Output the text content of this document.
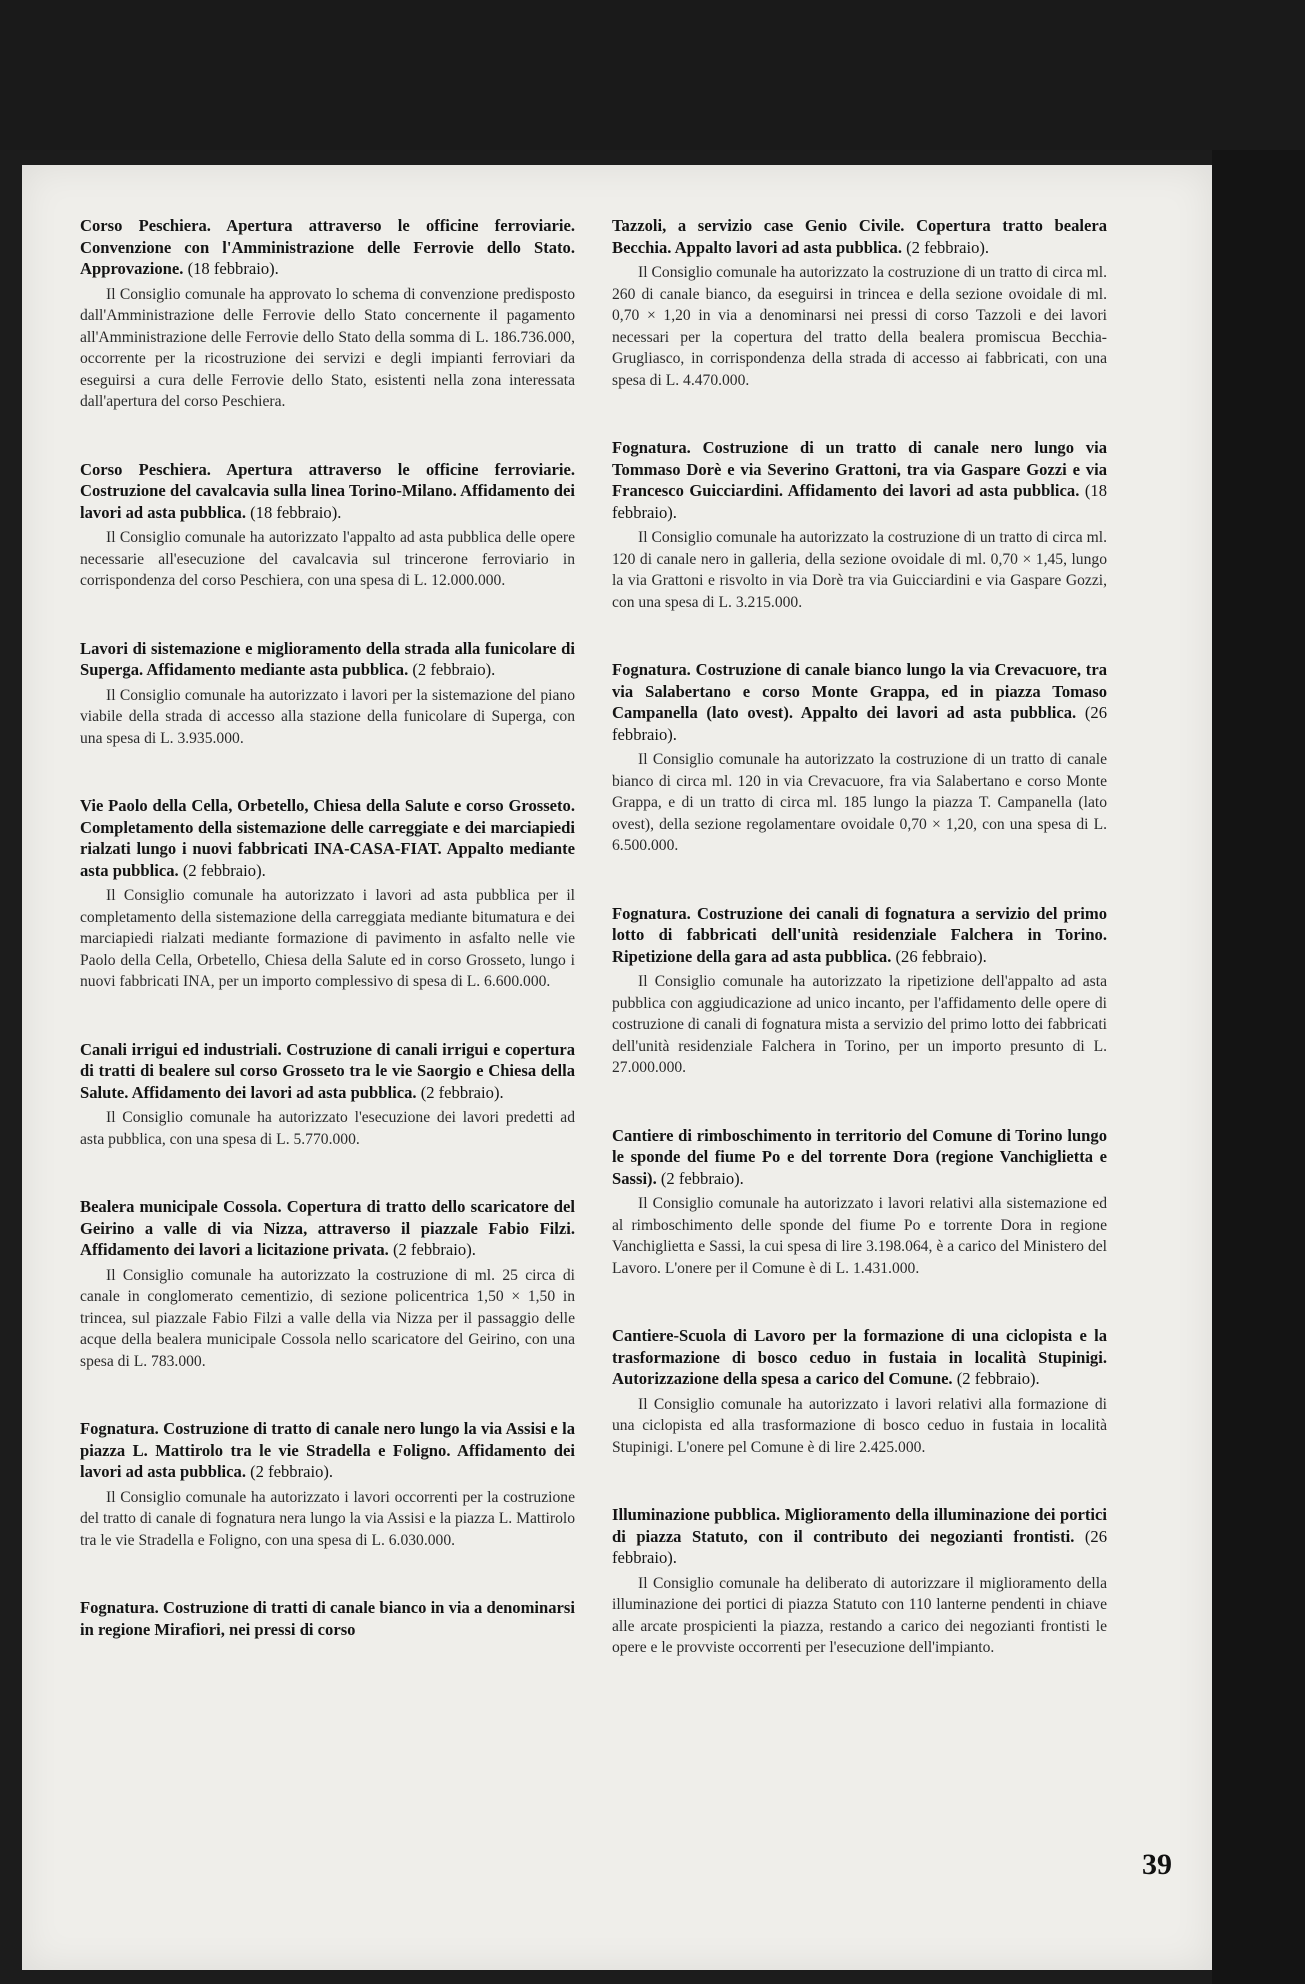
Corso Peschiera. Apertura attraverso le officine ferroviarie. Convenzione con l'Amministrazione delle Ferrovie dello Stato. Approvazione. (18 febbraio).

Il Consiglio comunale ha approvato lo schema di convenzione predisposto dall'Amministrazione delle Ferrovie dello Stato concernente il pagamento all'Amministrazione delle Ferrovie dello Stato della somma di L. 186.736.000, occorrente per la ricostruzione dei servizi e degli impianti ferroviari da eseguirsi a cura delle Ferrovie dello Stato, esistenti nella zona interessata dall'apertura del corso Peschiera.

Corso Peschiera. Apertura attraverso le officine ferroviarie. Costruzione del cavalcavia sulla linea Torino-Milano. Affidamento dei lavori ad asta pubblica. (18 febbraio).

Il Consiglio comunale ha autorizzato l'appalto ad asta pubblica delle opere necessarie all'esecuzione del cavalcavia sul trincerone ferroviario in corrispondenza del corso Peschiera, con una spesa di L. 12.000.000.

Lavori di sistemazione e miglioramento della strada alla funicolare di Superga. Affidamento mediante asta pubblica. (2 febbraio).

Il Consiglio comunale ha autorizzato i lavori per la sistemazione del piano viabile della strada di accesso alla stazione della funicolare di Superga, con una spesa di L. 3.935.000.

Vie Paolo della Cella, Orbetello, Chiesa della Salute e corso Grosseto. Completamento della sistemazione delle carreggiate e dei marciapiedi rialzati lungo i nuovi fabbricati INA-CASA-FIAT. Appalto mediante asta pubblica. (2 febbraio).

Il Consiglio comunale ha autorizzato i lavori ad asta pubblica per il completamento della sistemazione della carreggiata mediante bitumatura e dei marciapiedi rialzati mediante formazione di pavimento in asfalto nelle vie Paolo della Cella, Orbetello, Chiesa della Salute ed in corso Grosseto, lungo i nuovi fabbricati INA, per un importo complessivo di spesa di L. 6.600.000.

Canali irrigui ed industriali. Costruzione di canali irrigui e copertura di tratti di bealere sul corso Grosseto tra le vie Saorgio e Chiesa della Salute. Affidamento dei lavori ad asta pubblica. (2 febbraio).

Il Consiglio comunale ha autorizzato l'esecuzione dei lavori predetti ad asta pubblica, con una spesa di L. 5.770.000.

Bealera municipale Cossola. Copertura di tratto dello scaricatore del Geirino a valle di via Nizza, attraverso il piazzale Fabio Filzi. Affidamento dei lavori a licitazione privata. (2 febbraio).

Il Consiglio comunale ha autorizzato la costruzione di ml. 25 circa di canale in conglomerato cementizio, di sezione policentrica 1,50 × 1,50 in trincea, sul piazzale Fabio Filzi a valle della via Nizza per il passaggio delle acque della bealera municipale Cossola nello scaricatore del Geirino, con una spesa di L. 783.000.

Fognatura. Costruzione di tratto di canale nero lungo la via Assisi e la piazza L. Mattirolo tra le vie Stradella e Foligno. Affidamento dei lavori ad asta pubblica. (2 febbraio).

Il Consiglio comunale ha autorizzato i lavori occorrenti per la costruzione del tratto di canale di fognatura nera lungo la via Assisi e la piazza L. Mattirolo tra le vie Stradella e Foligno, con una spesa di L. 6.030.000.

Fognatura. Costruzione di tratti di canale bianco in via a denominarsi in regione Mirafiori, nei pressi di corso
Tazzoli, a servizio case Genio Civile. Copertura tratto bealera Becchia. Appalto lavori ad asta pubblica. (2 febbraio).

Il Consiglio comunale ha autorizzato la costruzione di un tratto di circa ml. 260 di canale bianco, da eseguirsi in trincea e della sezione ovoidale di ml. 0,70 × 1,20 in via a denominarsi nei pressi di corso Tazzoli e dei lavori necessari per la copertura del tratto della bealera promiscua Becchia-Grugliasco, in corrispondenza della strada di accesso ai fabbricati, con una spesa di L. 4.470.000.

Fognatura. Costruzione di un tratto di canale nero lungo via Tommaso Dorè e via Severino Grattoni, tra via Gaspare Gozzi e via Francesco Guicciardini. Affidamento dei lavori ad asta pubblica. (18 febbraio).

Il Consiglio comunale ha autorizzato la costruzione di un tratto di circa ml. 120 di canale nero in galleria, della sezione ovoidale di ml. 0,70 × 1,45, lungo la via Grattoni e risvolto in via Dorè tra via Guicciardini e via Gaspare Gozzi, con una spesa di L. 3.215.000.

Fognatura. Costruzione di canale bianco lungo la via Crevacuore, tra via Salabertano e corso Monte Grappa, ed in piazza Tomaso Campanella (lato ovest). Appalto dei lavori ad asta pubblica. (26 febbraio).

Il Consiglio comunale ha autorizzato la costruzione di un tratto di canale bianco di circa ml. 120 in via Crevacuore, fra via Salabertano e corso Monte Grappa, e di un tratto di circa ml. 185 lungo la piazza T. Campanella (lato ovest), della sezione regolamentare ovoidale 0,70 × 1,20, con una spesa di L. 6.500.000.

Fognatura. Costruzione dei canali di fognatura a servizio del primo lotto di fabbricati dell'unità residenziale Falchera in Torino. Ripetizione della gara ad asta pubblica. (26 febbraio).

Il Consiglio comunale ha autorizzato la ripetizione dell'appalto ad asta pubblica con aggiudicazione ad unico incanto, per l'affidamento delle opere di costruzione di canali di fognatura mista a servizio del primo lotto dei fabbricati dell'unità residenziale Falchera in Torino, per un importo presunto di L. 27.000.000.

Cantiere di rimboschimento in territorio del Comune di Torino lungo le sponde del fiume Po e del torrente Dora (regione Vanchiglietta e Sassi). (2 febbraio).

Il Consiglio comunale ha autorizzato i lavori relativi alla sistemazione ed al rimboschimento delle sponde del fiume Po e torrente Dora in regione Vanchiglietta e Sassi, la cui spesa di lire 3.198.064, è a carico del Ministero del Lavoro. L'onere per il Comune è di L. 1.431.000.

Cantiere-Scuola di Lavoro per la formazione di una ciclopista e la trasformazione di bosco ceduo in fustaia in località Stupinigi. Autorizzazione della spesa a carico del Comune. (2 febbraio).

Il Consiglio comunale ha autorizzato i lavori relativi alla formazione di una ciclopista ed alla trasformazione di bosco ceduo in fustaia in località Stupinigi. L'onere pel Comune è di lire 2.425.000.

Illuminazione pubblica. Miglioramento della illuminazione dei portici di piazza Statuto, con il contributo dei negozianti frontisti. (26 febbraio).

Il Consiglio comunale ha deliberato di autorizzare il miglioramento della illuminazione dei portici di piazza Statuto con 110 lanterne pendenti in chiave alle arcate prospicienti la piazza, restando a carico dei negozianti frontisti le opere e le provviste occorrenti per l'esecuzione dell'impianto.

39
